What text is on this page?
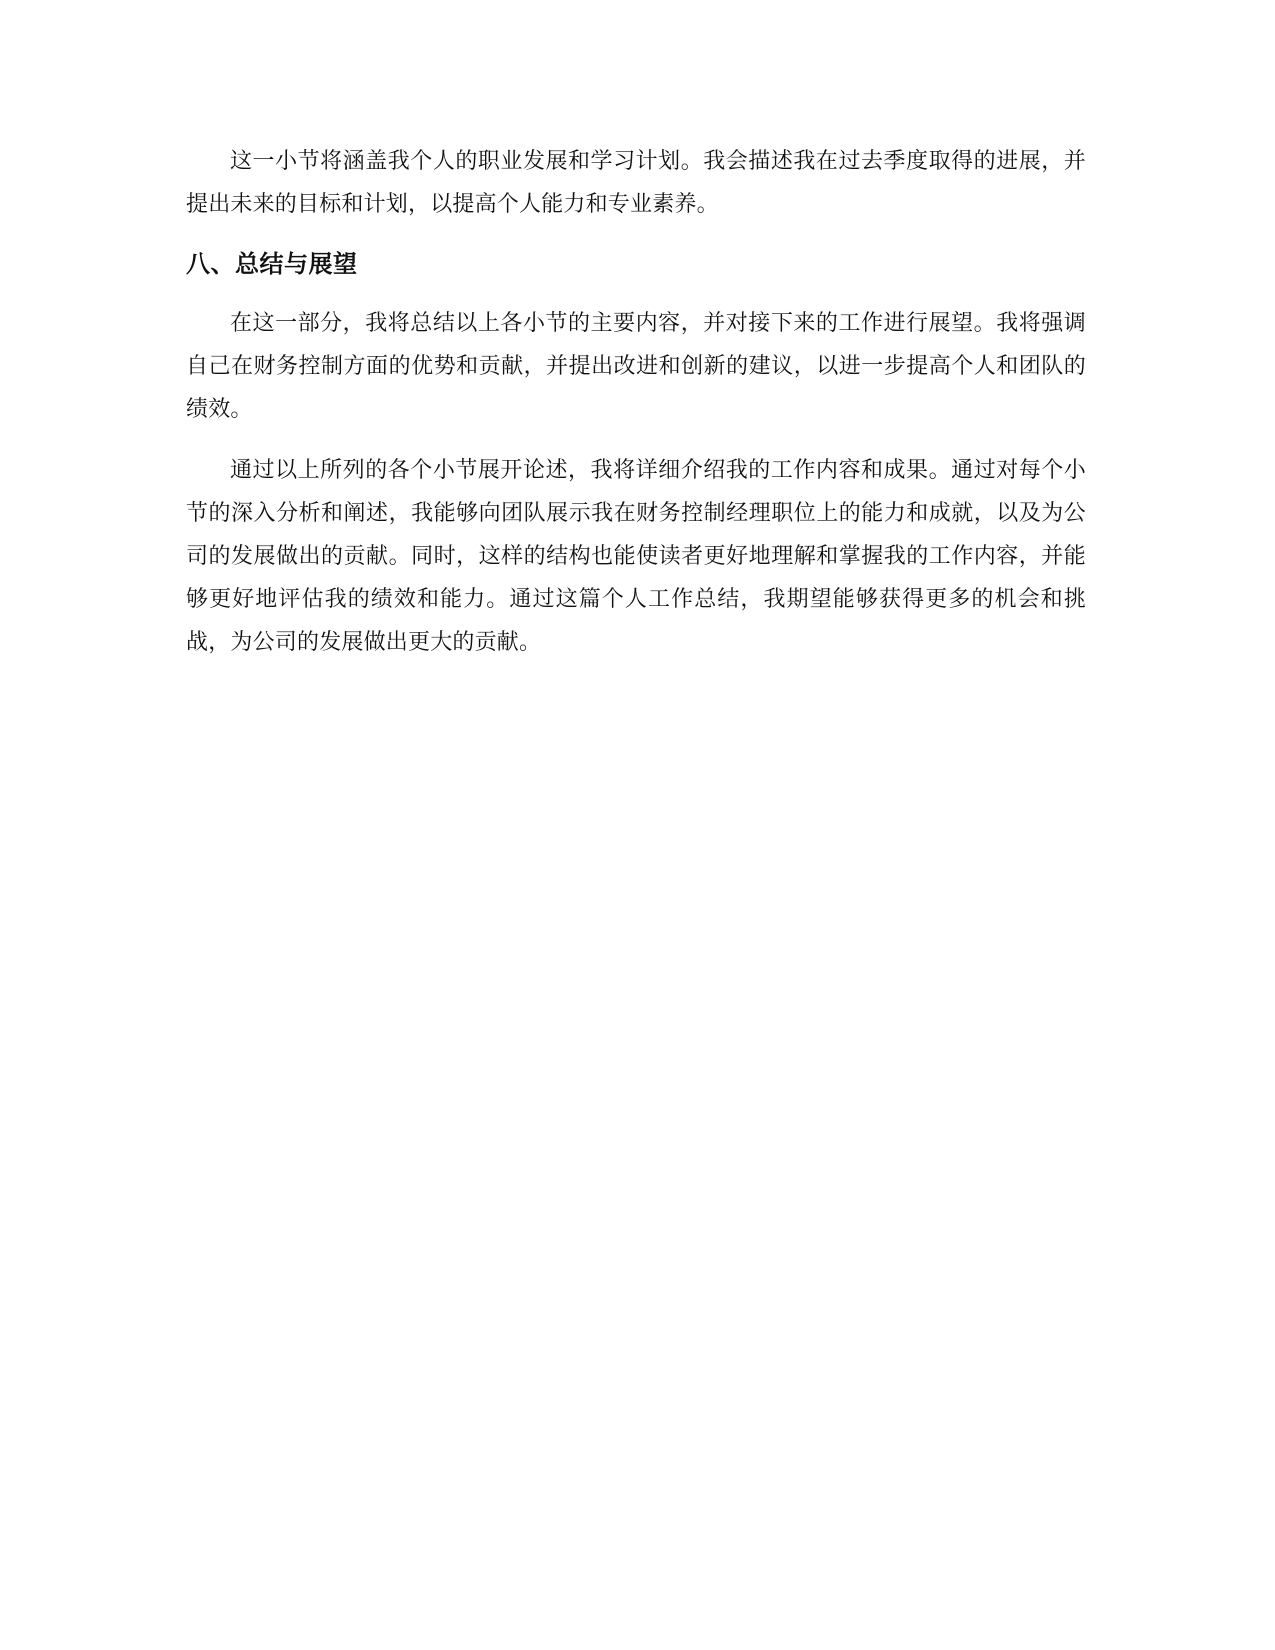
这一小节将涵盖我个人的职业发展和学习计划。我会描述我在过去季度取得的进展，并提出未来的目标和计划，以提高个人能力和专业素养。

八、总结与展望

在这一部分，我将总结以上各小节的主要内容，并对接下来的工作进行展望。我将强调自己在财务控制方面的优势和贡献，并提出改进和创新的建议，以进一步提高个人和团队的绩效。

通过以上所列的各个小节展开论述，我将详细介绍我的工作内容和成果。通过对每个小节的深入分析和阐述，我能够向团队展示我在财务控制经理职位上的能力和成就，以及为公司的发展做出的贡献。同时，这样的结构也能使读者更好地理解和掌握我的工作内容，并能够更好地评估我的绩效和能力。通过这篇个人工作总结，我期望能够获得更多的机会和挑战，为公司的发展做出更大的贡献。
